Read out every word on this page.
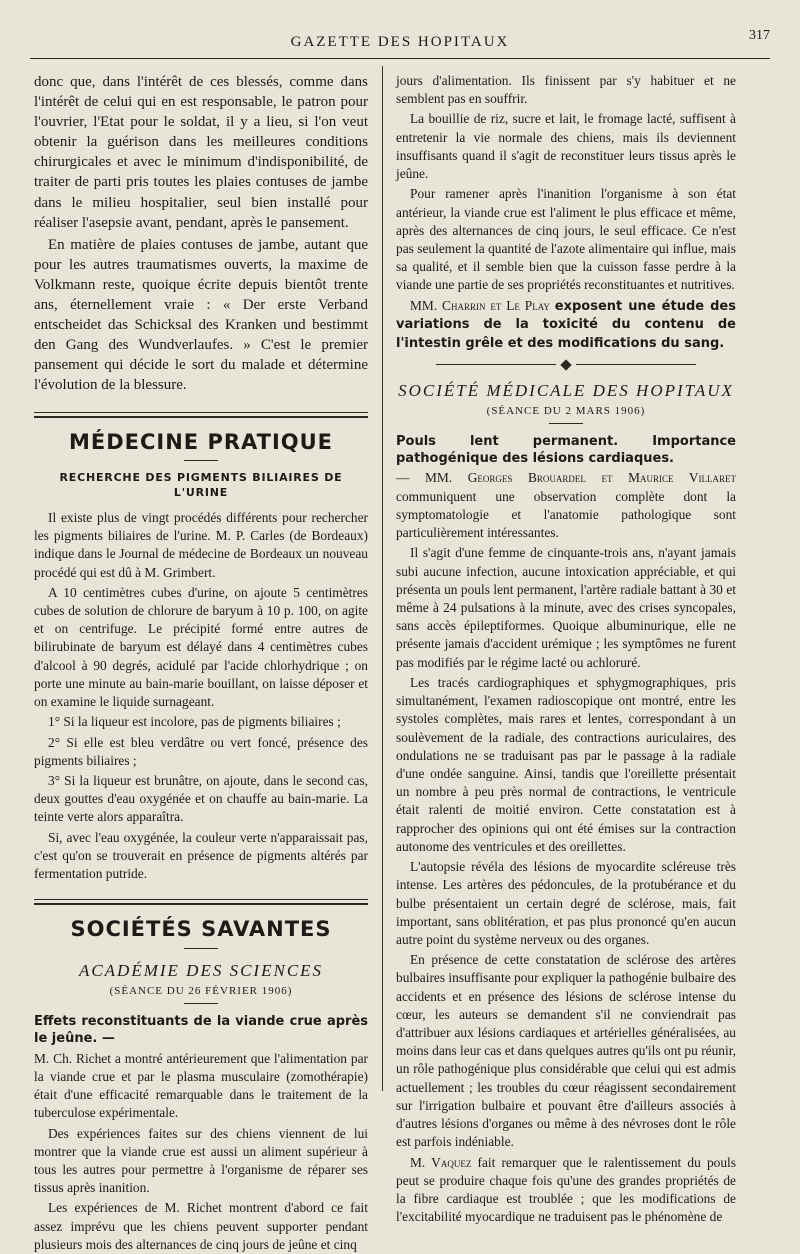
GAZETTE DES HOPITAUX	317

donc que, dans l'intérêt de ces blessés, comme dans l'intérêt de celui qui en est responsable, le patron pour l'ouvrier, l'Etat pour le soldat, il y a lieu, si l'on veut obtenir la guérison dans les meilleures conditions chirurgicales et avec le minimum d'indisponibilité, de traiter de parti pris toutes les plaies contuses de jambe dans le milieu hospitalier, seul bien installé pour réaliser l'asepsie avant, pendant, après le pansement.

En matière de plaies contuses de jambe, autant que pour les autres traumatismes ouverts, la maxime de Volkmann reste, quoique écrite depuis bientôt trente ans, éternellement vraie : « Der erste Verband entscheidet das Schicksal des Kranken und bestimmt den Gang des Wundverlaufes. » C'est le premier pansement qui décide le sort du malade et détermine l'évolution de la blessure.

MÉDECINE PRATIQUE
RECHERCHE DES PIGMENTS BILIAIRES DE L'URINE

Il existe plus de vingt procédés différents pour rechercher les pigments biliaires de l'urine. M. P. Carles (de Bordeaux) indique dans le Journal de médecine de Bordeaux un nouveau procédé qui est dû à M. Grimbert.

A 10 centimètres cubes d'urine, on ajoute 5 centimètres cubes de solution de chlorure de baryum à 10 p. 100, on agite et on centrifuge. Le précipité formé entre autres de bilirubinate de baryum est délayé dans 4 centimètres cubes d'alcool à 90 degrés, acidulé par l'acide chlorhydrique ; on porte une minute au bain-marie bouillant, on laisse déposer et on examine le liquide surnageant.

1° Si la liqueur est incolore, pas de pigments biliaires ;

2° Si elle est bleu verdâtre ou vert foncé, présence des pigments biliaires ;

3° Si la liqueur est brunâtre, on ajoute, dans le second cas, deux gouttes d'eau oxygénée et on chauffe au bain-marie. La teinte verte alors apparaîtra.

Si, avec l'eau oxygénée, la couleur verte n'apparaissait pas, c'est qu'on se trouverait en présence de pigments altérés par fermentation putride.

SOCIÉTÉS SAVANTES
ACADÉMIE DES SCIENCES
(SÉANCE DU 26 FÉVRIER 1906)

Effets reconstituants de la viande crue après le jeûne. —

M. Ch. Richet a montré antérieurement que l'alimentation par la viande crue et par le plasma musculaire (zomothérapie) était d'une efficacité remarquable dans le traitement de la tuberculose expérimentale.

Des expériences faites sur des chiens viennent de lui montrer que la viande crue est aussi un aliment supérieur à tous les autres pour permettre à l'organisme de réparer ses tissus après inanition.

Les expériences de M. Richet montrent d'abord ce fait assez imprévu que les chiens peuvent supporter pendant plusieurs mois des alternances de cinq jours de jeûne et cinq

jours d'alimentation. Ils finissent par s'y habituer et ne semblent pas en souffrir.

La bouillie de riz, sucre et lait, le fromage lacté, suffisent à entretenir la vie normale des chiens, mais ils deviennent insuffisants quand il s'agit de reconstituer leurs tissus après le jeûne.

Pour ramener après l'inanition l'organisme à son état antérieur, la viande crue est l'aliment le plus efficace et même, après des alternances de cinq jours, le seul efficace. Ce n'est pas seulement la quantité de l'azote alimentaire qui influe, mais sa qualité, et il semble bien que la cuisson fasse perdre à la viande une partie de ses propriétés reconstituantes et nutritives.

MM. Charrin et Le Play exposent une étude des variations de la toxicité du contenu de l'intestin grêle et des modifications du sang.

SOCIÉTÉ MÉDICALE DES HOPITAUX
(SÉANCE DU 2 MARS 1906)

Pouls lent permanent. Importance pathogénique des lésions cardiaques.

— MM. Georges Brouardel et Maurice Villaret communiquent une observation complète dont la symptomatologie et l'anatomie pathologique sont particulièrement intéressantes.

Il s'agit d'une femme de cinquante-trois ans, n'ayant jamais subi aucune infection, aucune intoxication appréciable, et qui présenta un pouls lent permanent, l'artère radiale battant à 30 et même à 24 pulsations à la minute, avec des crises syncopales, sans accès épileptiformes. Quoique albuminurique, elle ne présente jamais d'accident urémique ; les symptômes ne furent pas modifiés par le régime lacté ou achloruré.

Les tracés cardiographiques et sphygmographiques, pris simultanément, l'examen radioscopique ont montré, entre les systoles complètes, mais rares et lentes, correspondant à un soulèvement de la radiale, des contractions auriculaires, des ondulations ne se traduisant pas par le passage à la radiale d'une ondée sanguine. Ainsi, tandis que l'oreillette présentait un nombre à peu près normal de contractions, le ventricule était ralenti de moitié environ. Cette constatation est à rapprocher des opinions qui ont été émises sur la contraction autonome des ventricules et des oreillettes.

L'autopsie révéla des lésions de myocardite scléreuse très intense. Les artères des pédoncules, de la protubérance et du bulbe présentaient un certain degré de sclérose, mais, fait important, sans oblitération, et pas plus prononcé qu'en aucun autre point du système nerveux ou des organes.

En présence de cette constatation de sclérose des artères bulbaires insuffisante pour expliquer la pathogénie bulbaire des accidents et en présence des lésions de sclérose intense du cœur, les auteurs se demandent s'il ne conviendrait pas d'attribuer aux lésions cardiaques et artérielles généralisées, au moins dans leur cas et dans quelques autres qu'ils ont pu réunir, un rôle pathogénique plus considérable que celui qui est admis actuellement ; les troubles du cœur réagissent secondairement sur l'irrigation bulbaire et pouvant être d'ailleurs associés à d'autres lésions d'organes ou même à des névroses dont le rôle est parfois indéniable.

M. Vaquez fait remarquer que le ralentissement du pouls peut se produire chaque fois qu'une des grandes propriétés de la fibre cardiaque est troublée ; que les modifications de l'excitabilité myocardique ne traduisent pas le phénomène de
